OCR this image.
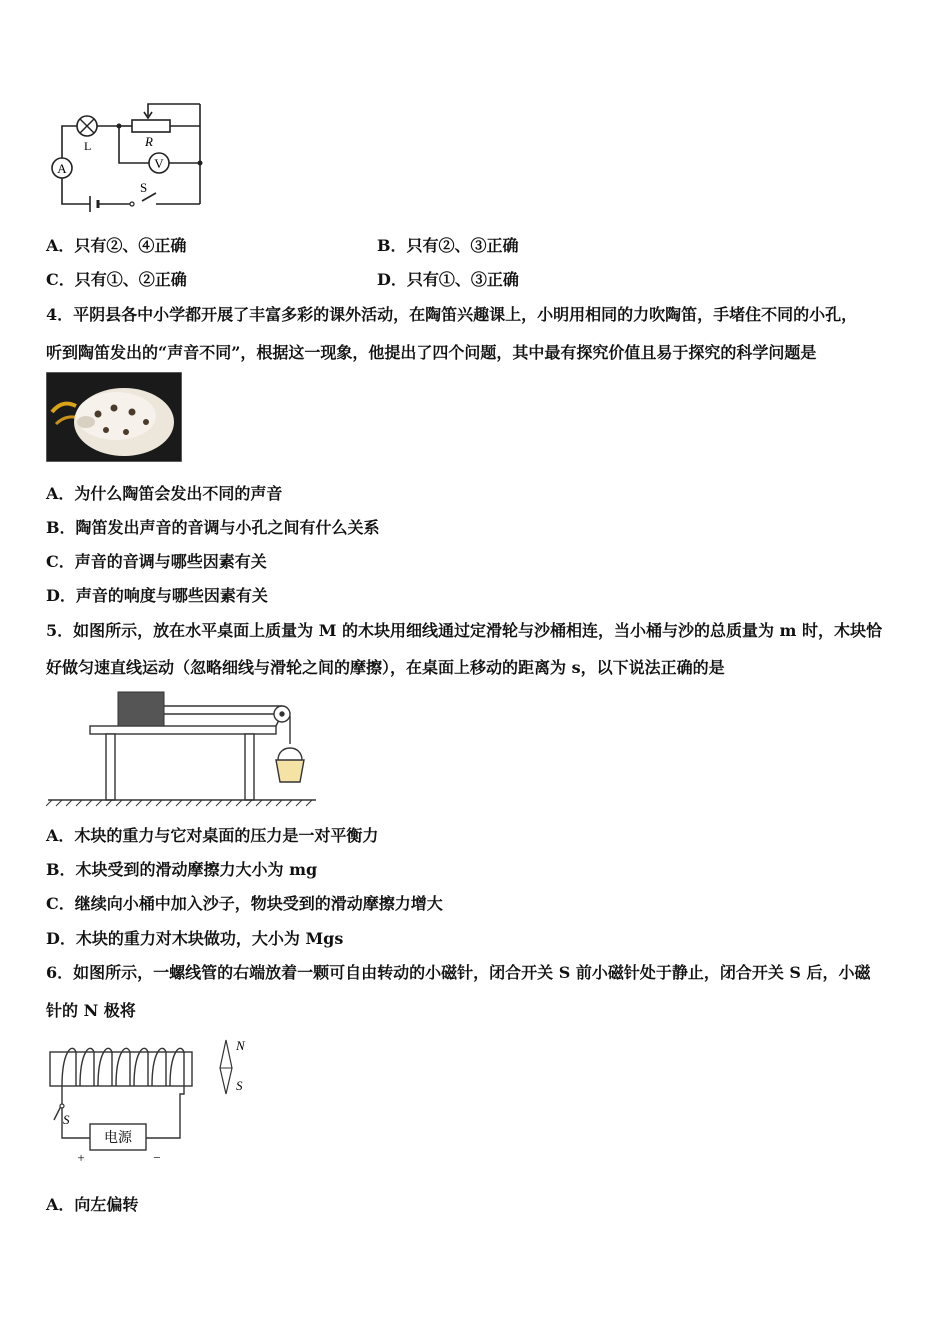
A	V
L	R
S
A．只有②、④正确	B．只有②、③正确
C．只有①、②正确	D．只有①、③正确
4．平阴县各中小学都开展了丰富多彩的课外活动，在陶笛兴趣课上，小明用相同的力吹陶笛，手堵住不同的小孔，
听到陶笛发出的“声音不同”，根据这一现象，他提出了四个问题，其中最有探究价值且易于探究的科学问题是
A．为什么陶笛会发出不同的声音
B．陶笛发出声音的音调与小孔之间有什么关系
C．声音的音调与哪些因素有关
D．声音的响度与哪些因素有关
5．如图所示，放在水平桌面上质量为 M 的木块用细线通过定滑轮与沙桶相连，当小桶与沙的总质量为 m 时，木块恰
好做匀速直线运动（忽略细线与滑轮之间的摩擦），在桌面上移动的距离为 s，以下说法正确的是
A．木块的重力与它对桌面的压力是一对平衡力
B．木块受到的滑动摩擦力大小为 mg
C．继续向小桶中加入沙子，物块受到的滑动摩擦力增大
D．木块的重力对木块做功，大小为 Mgs
6．如图所示，一螺线管的右端放着一颗可自由转动的小磁针，闭合开关 S 前小磁针处于静止，闭合开关 S 后，小磁
针的 N 极将
电源
+	−
S
N
S
A．向左偏转
